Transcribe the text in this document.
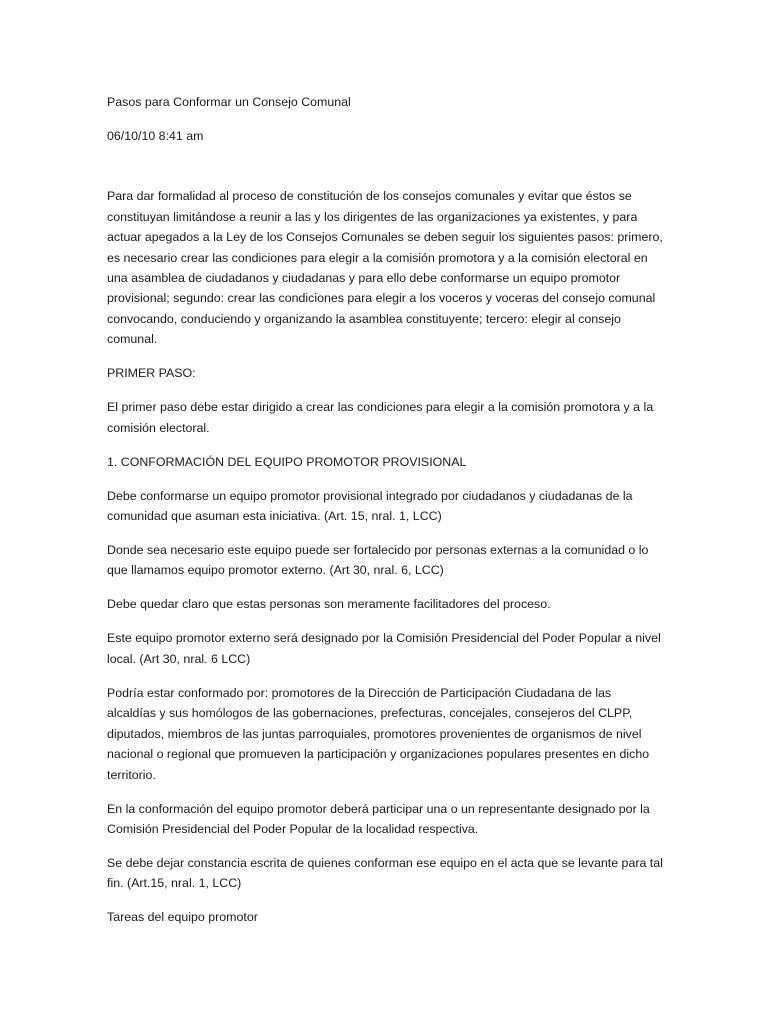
Pasos para Conformar un Consejo Comunal

06/10/10 8:41 am

Para dar formalidad al proceso de constitución de los consejos comunales y evitar que éstos se constituyan limitándose a reunir a las y los dirigentes de las organizaciones ya existentes, y para actuar apegados a la Ley de los Consejos Comunales se deben seguir los siguientes pasos: primero, es necesario crear las condiciones para elegir a la comisión promotora y a la comisión electoral en una asamblea de ciudadanos y ciudadanas y para ello debe conformarse un equipo promotor provisional; segundo: crear las condiciones para elegir a los voceros y voceras del consejo comunal convocando, conduciendo y organizando la asamblea constituyente; tercero: elegir al consejo comunal.

PRIMER PASO:

El primer paso debe estar dirigido a crear las condiciones para elegir a la comisión promotora y a la comisión electoral.

1. CONFORMACIÓN DEL EQUIPO PROMOTOR PROVISIONAL

Debe conformarse un equipo promotor provisional integrado por ciudadanos y ciudadanas de la comunidad que asuman esta iniciativa. (Art. 15, nral. 1, LCC)

Donde sea necesario este equipo puede ser fortalecido por personas externas a la comunidad o lo que llamamos equipo promotor externo. (Art 30, nral. 6, LCC)

Debe quedar claro que estas personas son meramente facilitadores del proceso.

Este equipo promotor externo será designado por la Comisión Presidencial del Poder Popular a nivel local. (Art 30, nral. 6 LCC)

Podría estar conformado por: promotores de la Dirección de Participación Ciudadana de las alcaldías y sus homólogos de las gobernaciones, prefecturas, concejales, consejeros del CLPP, diputados, miembros de las juntas parroquiales, promotores provenientes de organismos de nivel nacional o regional que promueven la participación y organizaciones populares presentes en dicho territorio.

En la conformación del equipo promotor deberá participar una o un representante designado por la Comisión Presidencial del Poder Popular de la localidad respectiva.

Se debe dejar constancia escrita de quienes conforman ese equipo en el acta que se levante para tal fin. (Art.15, nral. 1, LCC)

Tareas del equipo promotor
